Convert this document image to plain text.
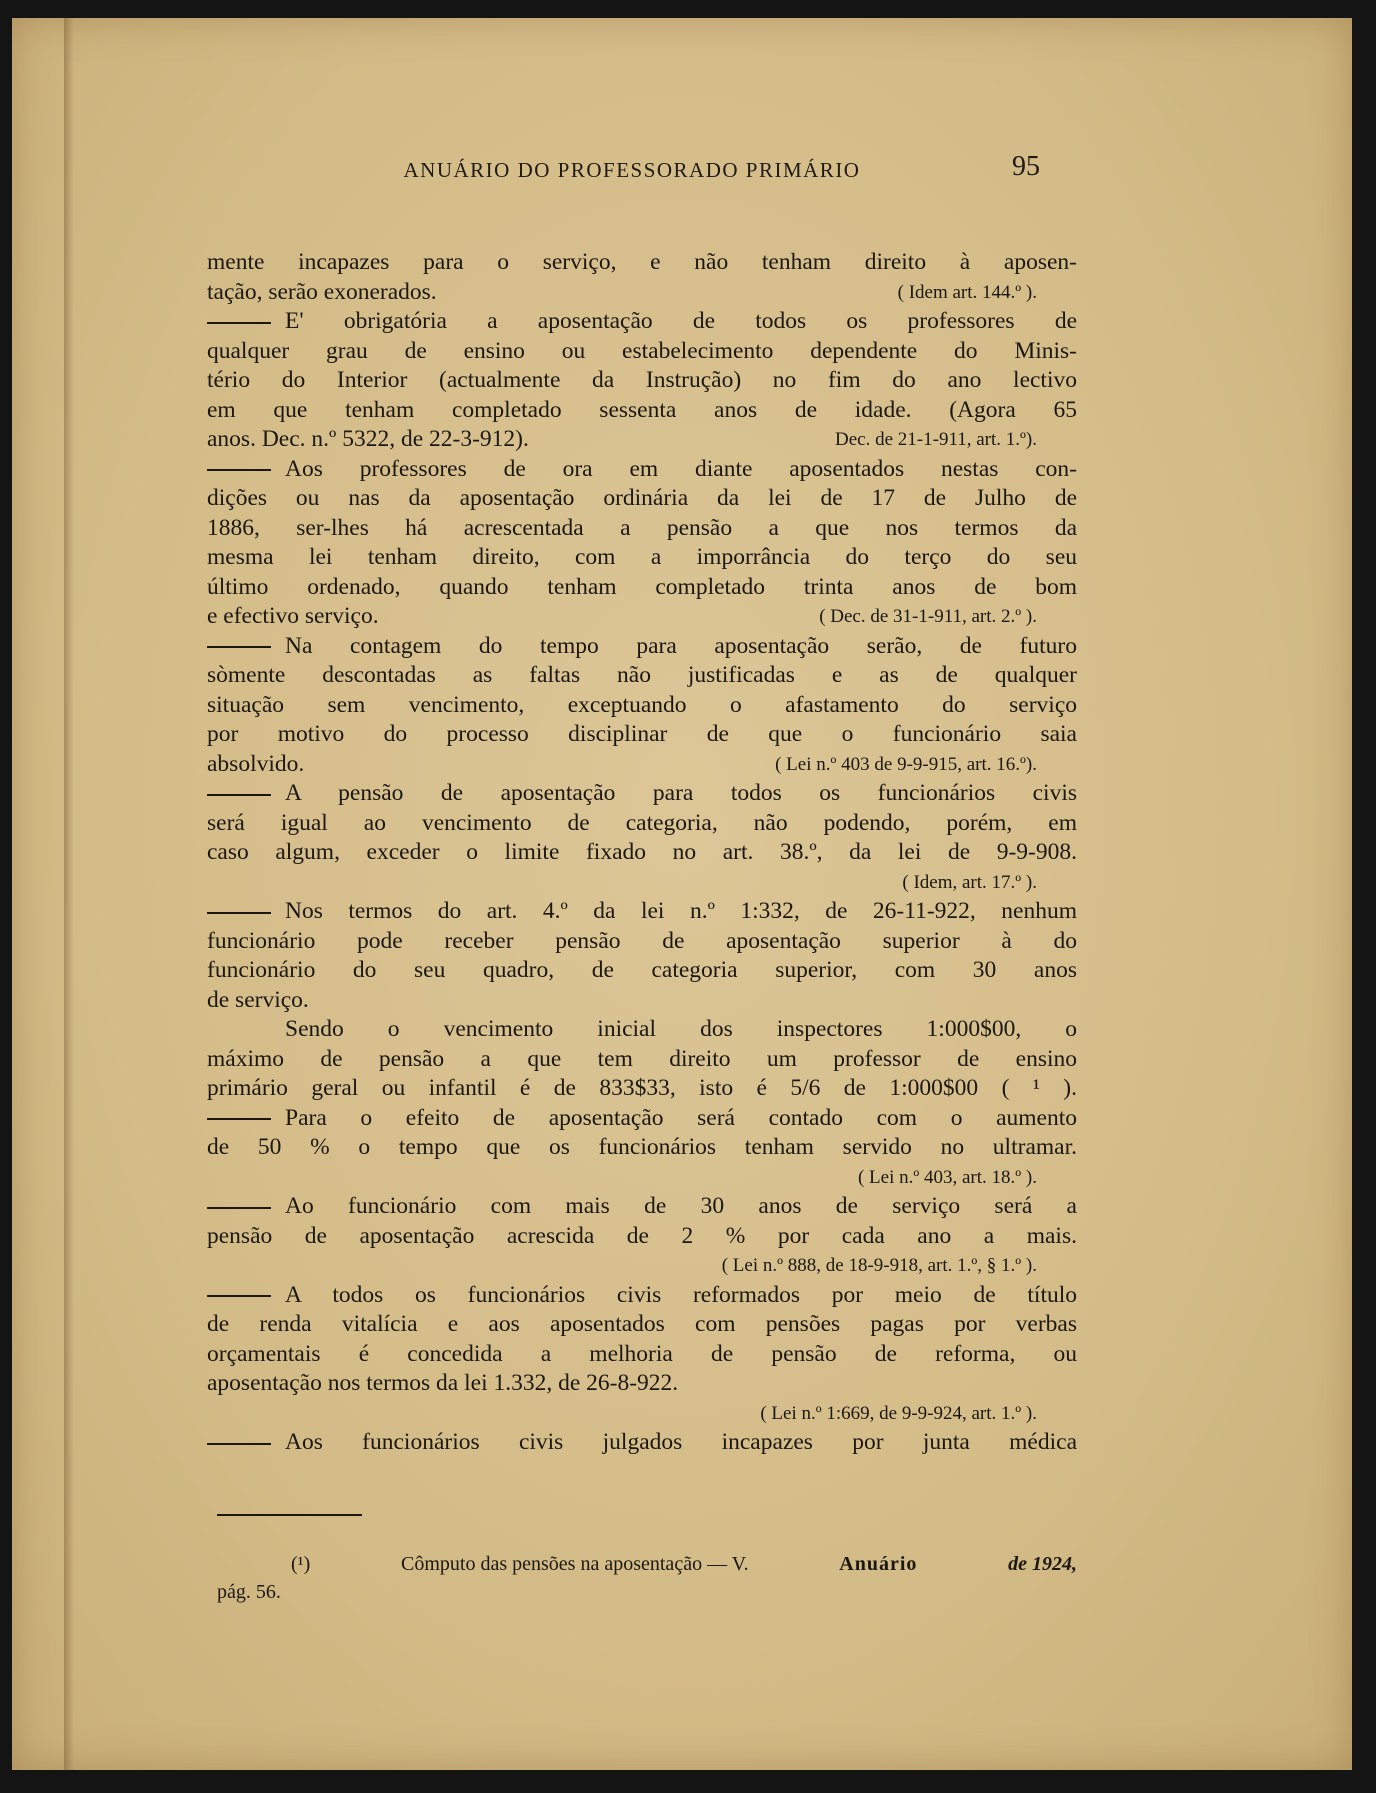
ANUÁRIO DO PROFESSORADO PRIMÁRIO	95
mente incapazes para o serviço, e não tenham direito à aposen-
tação, serão exonerados.	( Idem art. 144.º ).
E' obrigatória a aposentação de todos os professores de
qualquer grau de ensino ou estabelecimento dependente do Minis-
tério do Interior (actualmente da Instrução) no fim do ano lectivo
em que tenham completado sessenta anos de idade. (Agora 65
anos. Dec. n.º 5322, de 22-3-912).	Dec. de 21-1-911, art. 1.º).
Aos professores de ora em diante aposentados nestas con-
dições ou nas da aposentação ordinária da lei de 17 de Julho de
1886, ser-lhes há acrescentada a pensão a que nos termos da
mesma lei tenham direito, com a imporrância do terço do seu
último ordenado, quando tenham completado trinta anos de bom
e efectivo serviço.	( Dec. de 31-1-911, art. 2.º ).
Na contagem do tempo para aposentação serão, de futuro
sòmente descontadas as faltas não justificadas e as de qualquer
situação sem vencimento, exceptuando o afastamento do serviço
por motivo do processo disciplinar de que o funcionário saia
absolvido.	( Lei n.º 403 de 9-9-915, art. 16.º).
A pensão de aposentação para todos os funcionários civis
será igual ao vencimento de categoria, não podendo, porém, em
caso algum, exceder o limite fixado no art. 38.º, da lei de 9-9-908.
( Idem, art. 17.º ).
Nos termos do art. 4.º da lei n.º 1:332, de 26-11-922, nenhum
funcionário pode receber pensão de aposentação superior à do
funcionário do seu quadro, de categoria superior, com 30 anos
de serviço.
Sendo o vencimento inicial dos inspectores 1:000$00, o
máximo de pensão a que tem direito um professor de ensino
primário geral ou infantil é de 833$33, isto é 5/6 de 1:000$00 ( ¹ ).
Para o efeito de aposentação será contado com o aumento
de 50 % o tempo que os funcionários tenham servido no ultramar.
( Lei n.º 403, art. 18.º ).
Ao funcionário com mais de 30 anos de serviço será a
pensão de aposentação acrescida de 2 % por cada ano a mais.
( Lei n.º 888, de 18-9-918, art. 1.º, § 1.º ).
A todos os funcionários civis reformados por meio de título
de renda vitalícia e aos aposentados com pensões pagas por verbas
orçamentais é concedida a melhoria de pensão de reforma, ou
aposentação nos termos da lei 1.332, de 26-8-922.
( Lei n.º 1:669, de 9-9-924, art. 1.º ).
Aos funcionários civis julgados incapazes por junta médica
(¹)	Cômputo das pensões na aposentação — V.	Anuário	de 1924,
pág. 56.
